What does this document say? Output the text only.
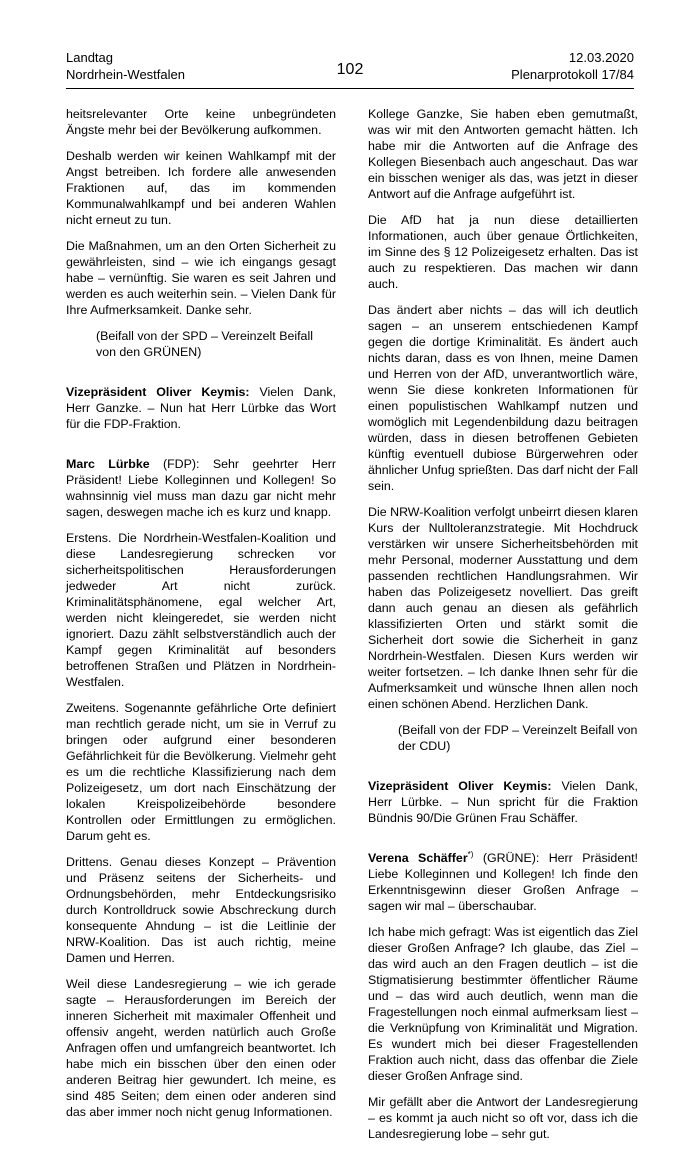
Landtag
Nordrhein-Westfalen	102
12.03.2020
Plenarprotokoll 17/84

heitsrelevanter Orte keine unbegründeten Ängste mehr bei der Bevölkerung aufkommen.

Deshalb werden wir keinen Wahlkampf mit der Angst betreiben. Ich fordere alle anwesenden Fraktionen auf, das im kommenden Kommunalwahlkampf und bei anderen Wahlen nicht erneut zu tun.

Die Maßnahmen, um an den Orten Sicherheit zu gewährleisten, sind – wie ich eingangs gesagt habe – vernünftig. Sie waren es seit Jahren und werden es auch weiterhin sein. – Vielen Dank für Ihre Aufmerksamkeit. Danke sehr.

(Beifall von der SPD – Vereinzelt Beifall von den GRÜNEN)

Vizepräsident Oliver Keymis: Vielen Dank, Herr Ganzke. – Nun hat Herr Lürbke das Wort für die FDP-Fraktion.

Marc Lürbke (FDP): Sehr geehrter Herr Präsident! Liebe Kolleginnen und Kollegen! So wahnsinnig viel muss man dazu gar nicht mehr sagen, deswegen mache ich es kurz und knapp.

Erstens. Die Nordrhein-Westfalen-Koalition und diese Landesregierung schrecken vor sicherheitspolitischen Herausforderungen jedweder Art nicht zurück. Kriminalitätsphänomene, egal welcher Art, werden nicht kleingeredet, sie werden nicht ignoriert. Dazu zählt selbstverständlich auch der Kampf gegen Kriminalität auf besonders betroffenen Straßen und Plätzen in Nordrhein-Westfalen.

Zweitens. Sogenannte gefährliche Orte definiert man rechtlich gerade nicht, um sie in Verruf zu bringen oder aufgrund einer besonderen Gefährlichkeit für die Bevölkerung. Vielmehr geht es um die rechtliche Klassifizierung nach dem Polizeigesetz, um dort nach Einschätzung der lokalen Kreispolizeibehörde besondere Kontrollen oder Ermittlungen zu ermöglichen. Darum geht es.

Drittens. Genau dieses Konzept – Prävention und Präsenz seitens der Sicherheits- und Ordnungsbehörden, mehr Entdeckungsrisiko durch Kontrolldruck sowie Abschreckung durch konsequente Ahndung – ist die Leitlinie der NRW-Koalition. Das ist auch richtig, meine Damen und Herren.

Weil diese Landesregierung – wie ich gerade sagte – Herausforderungen im Bereich der inneren Sicherheit mit maximaler Offenheit und offensiv angeht, werden natürlich auch Große Anfragen offen und umfangreich beantwortet. Ich habe mich ein bisschen über den einen oder anderen Beitrag hier gewundert. Ich meine, es sind 485 Seiten; dem einen oder anderen sind das aber immer noch nicht genug Informationen.

Kollege Ganzke, Sie haben eben gemutmaßt, was wir mit den Antworten gemacht hätten. Ich habe mir die Antworten auf die Anfrage des Kollegen Biesenbach auch angeschaut. Das war ein bisschen weniger als das, was jetzt in dieser Antwort auf die Anfrage aufgeführt ist.

Die AfD hat ja nun diese detaillierten Informationen, auch über genaue Örtlichkeiten, im Sinne des § 12 Polizeigesetz erhalten. Das ist auch zu respektieren. Das machen wir dann auch.

Das ändert aber nichts – das will ich deutlich sagen – an unserem entschiedenen Kampf gegen die dortige Kriminalität. Es ändert auch nichts daran, dass es von Ihnen, meine Damen und Herren von der AfD, unverantwortlich wäre, wenn Sie diese konkreten Informationen für einen populistischen Wahlkampf nutzen und womöglich mit Legendenbildung dazu beitragen würden, dass in diesen betroffenen Gebieten künftig eventuell dubiose Bürgerwehren oder ähnlicher Unfug sprießten. Das darf nicht der Fall sein.

Die NRW-Koalition verfolgt unbeirrt diesen klaren Kurs der Nulltoleranzstrategie. Mit Hochdruck verstärken wir unsere Sicherheitsbehörden mit mehr Personal, moderner Ausstattung und dem passenden rechtlichen Handlungsrahmen. Wir haben das Polizeigesetz novelliert. Das greift dann auch genau an diesen als gefährlich klassifizierten Orten und stärkt somit die Sicherheit dort sowie die Sicherheit in ganz Nordrhein-Westfalen. Diesen Kurs werden wir weiter fortsetzen. – Ich danke Ihnen sehr für die Aufmerksamkeit und wünsche Ihnen allen noch einen schönen Abend. Herzlichen Dank.

(Beifall von der FDP – Vereinzelt Beifall von der CDU)

Vizepräsident Oliver Keymis: Vielen Dank, Herr Lürbke. – Nun spricht für die Fraktion Bündnis 90/Die Grünen Frau Schäffer.

Verena Schäffer*) (GRÜNE): Herr Präsident! Liebe Kolleginnen und Kollegen! Ich finde den Erkenntnisgewinn dieser Großen Anfrage – sagen wir mal – überschaubar.

Ich habe mich gefragt: Was ist eigentlich das Ziel dieser Großen Anfrage? Ich glaube, das Ziel – das wird auch an den Fragen deutlich – ist die Stigmatisierung bestimmter öffentlicher Räume und – das wird auch deutlich, wenn man die Fragestellungen noch einmal aufmerksam liest – die Verknüpfung von Kriminalität und Migration. Es wundert mich bei dieser Fragestellenden Fraktion auch nicht, dass das offenbar die Ziele dieser Großen Anfrage sind.

Mir gefällt aber die Antwort der Landesregierung – es kommt ja auch nicht so oft vor, dass ich die Landesregierung lobe – sehr gut.
